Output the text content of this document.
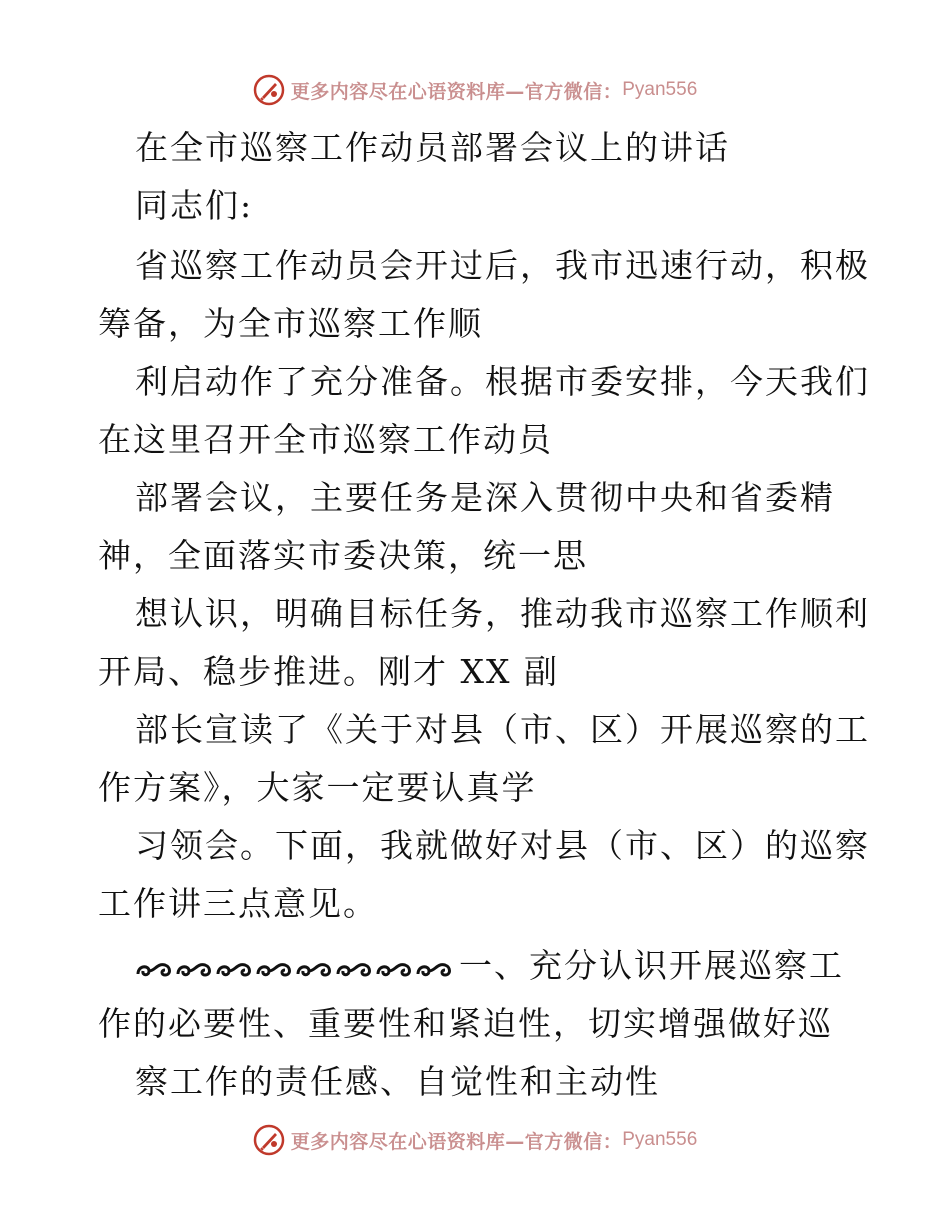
更多内容尽在心语资料库—官方微信： Pyan556
在全市巡察工作动员部署会议上的讲话
同志们:
省巡察工作动员会开过后，我市迅速行动，积极
筹备，为全市巡察工作顺
利启动作了充分准备。根据市委安排，今天我们
在这里召开全市巡察工作动员
部署会议，主要任务是深入贯彻中央和省委精
神，全面落实市委决策，统一思
想认识，明确目标任务，推动我市巡察工作顺利
开局、稳步推进。刚才 XX 副
部长宣读了《关于对县（市、区）开展巡察的工
作方案》，大家一定要认真学
习领会。下面，我就做好对县（市、区）的巡察
工作讲三点意见。
一、充分认识开展巡察工
作的必要性、重要性和紧迫性，切实增强做好巡
察工作的责任感、自觉性和主动性
更多内容尽在心语资料库—官方微信： Pyan556
